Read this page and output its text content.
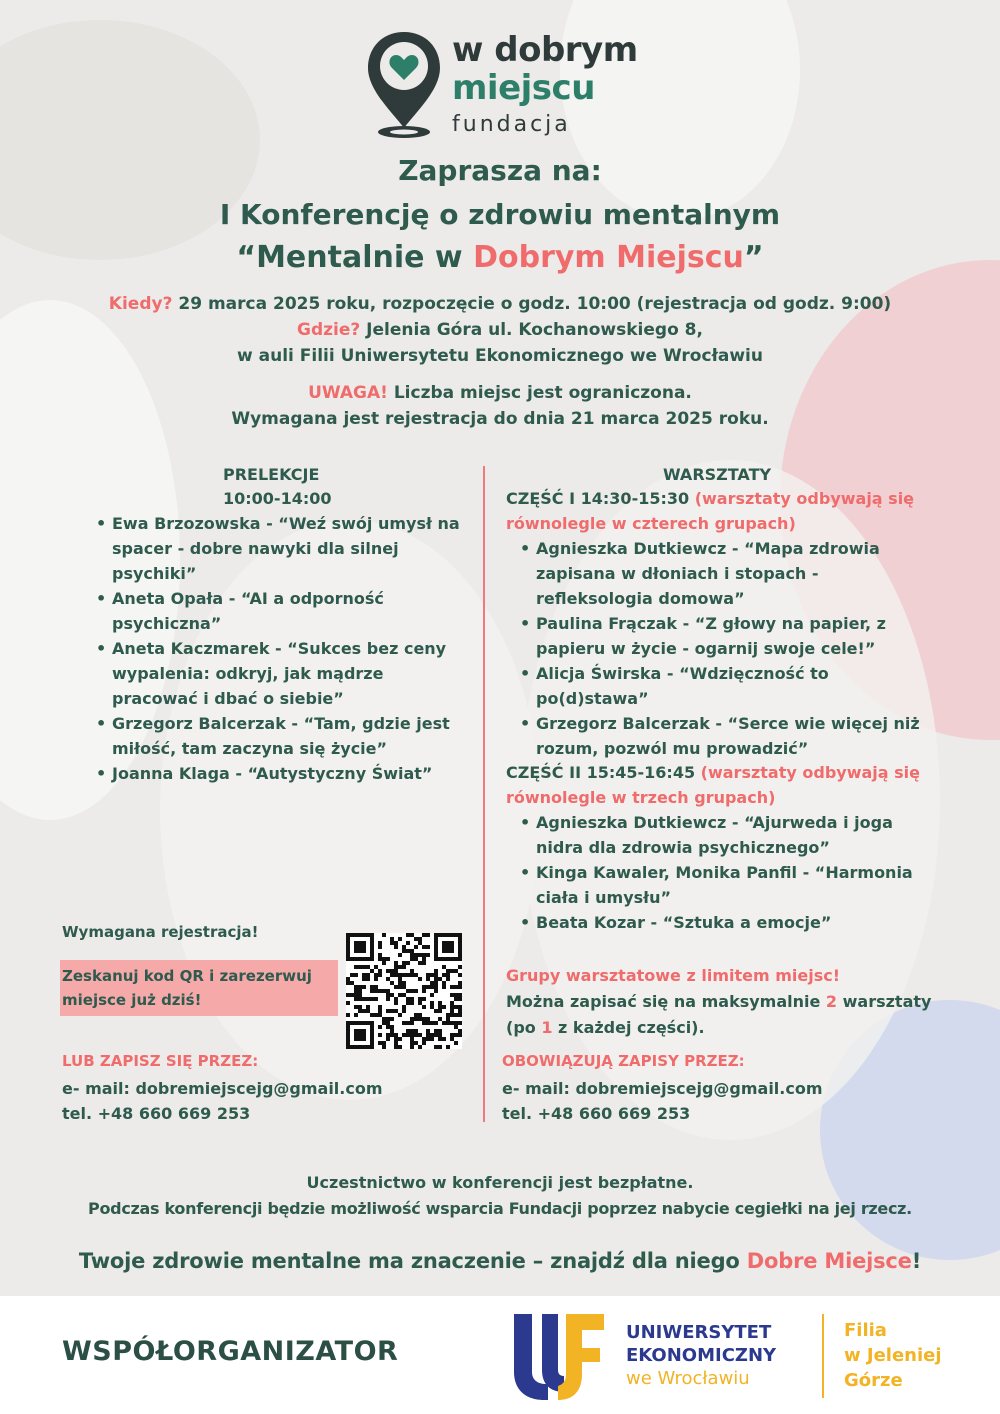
w dobrym
miejscu
fundacja
Zaprasza na:
I Konferencję o zdrowiu mentalnym
“Mentalnie w Dobrym Miejscu”
Kiedy? 29 marca 2025 roku, rozpoczęcie o godz. 10:00 (rejestracja od godz. 9:00)
Gdzie? Jelenia Góra ul. Kochanowskiego 8,
w auli Filii Uniwersytetu Ekonomicznego we Wrocławiu
UWAGA! Liczba miejsc jest ograniczona.
Wymagana jest rejestracja do dnia 21 marca 2025 roku.
PRELEKCJE
10:00-14:00
• Ewa Brzozowska - “Weź swój umysł na spacer - dobre nawyki dla silnej psychiki”
• Aneta Opała - “AI a odporność psychiczna”
• Aneta Kaczmarek - “Sukces bez ceny wypalenia: odkryj, jak mądrze pracować i dbać o siebie”
• Grzegorz Balcerzak - “Tam, gdzie jest miłość, tam zaczyna się życie”
• Joanna Klaga - “Autystyczny Świat”
WARSZTATY
CZĘŚĆ I 14:30-15:30 (warsztaty odbywają się równolegle w czterech grupach)
• Agnieszka Dutkiewcz - “Mapa zdrowia zapisana w dłoniach i stopach - refleksologia domowa”
• Paulina Frączak - “Z głowy na papier, z papieru w życie - ogarnij swoje cele!”
• Alicja Świrska - “Wdzięczność to po(d)stawa”
• Grzegorz Balcerzak - “Serce wie więcej niż rozum, pozwól mu prowadzić”
CZĘŚĆ II 15:45-16:45 (warsztaty odbywają się równolegle w trzech grupach)
• Agnieszka Dutkiewcz - “Ajurweda i joga nidra dla zdrowia psychicznego”
• Kinga Kawaler, Monika Panfil - “Harmonia ciała i umysłu”
• Beata Kozar - “Sztuka a emocje”
Wymagana rejestracja!
Zeskanuj kod QR i zarezerwuj
miejsce już dziś!
LUB ZAPISZ SIĘ PRZEZ:
e- mail: dobremiejscejg@gmail.com
tel. +48 660 669 253
Grupy warsztatowe z limitem miejsc!
Można zapisać się na maksymalnie 2 warsztaty
(po 1 z każdej części).
OBOWIĄZUJĄ ZAPISY PRZEZ:
e- mail: dobremiejscejg@gmail.com
tel. +48 660 669 253
Uczestnictwo w konferencji jest bezpłatne.
Podczas konferencji będzie możliwość wsparcia Fundacji poprzez nabycie cegiełki na jej rzecz.
Twoje zdrowie mentalne ma znaczenie – znajdź dla niego Dobre Miejsce!
WSPÓŁORGANIZATOR
UNIWERSYTET
EKONOMICZNY
we Wrocławiu
Filia
w Jeleniej
Górze
